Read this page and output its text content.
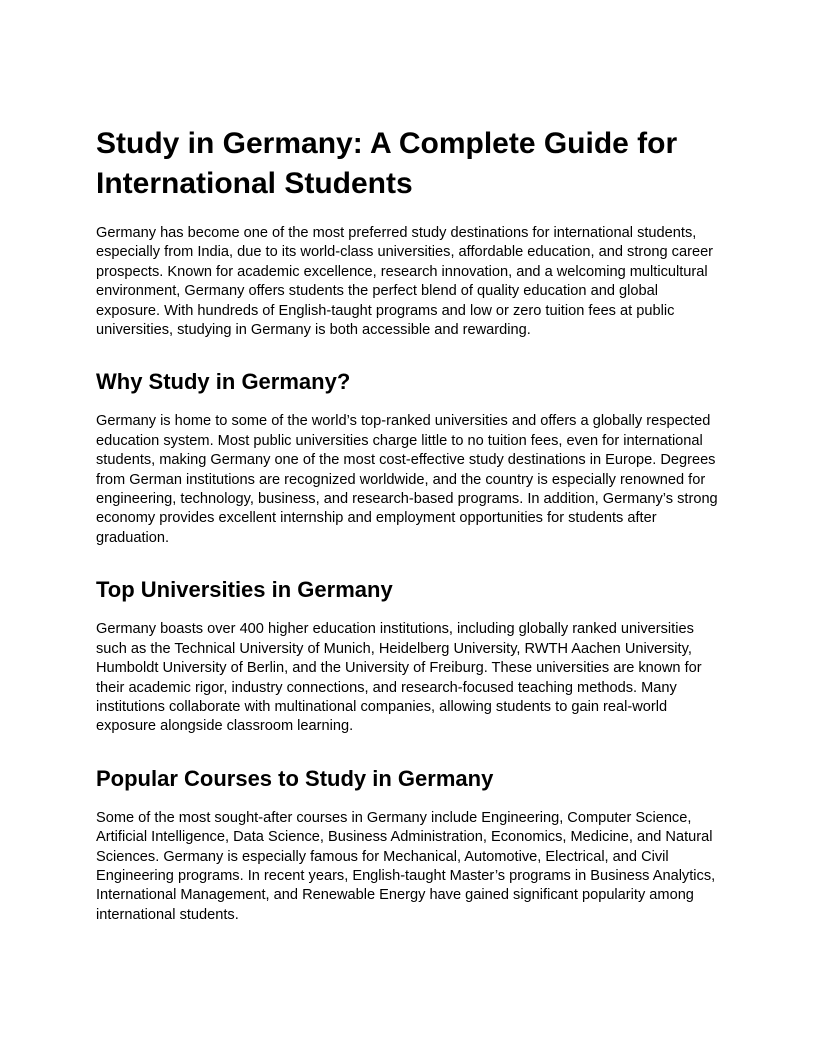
Study in Germany: A Complete Guide for International Students

Germany has become one of the most preferred study destinations for international students, especially from India, due to its world-class universities, affordable education, and strong career prospects. Known for academic excellence, research innovation, and a welcoming multicultural environment, Germany offers students the perfect blend of quality education and global exposure. With hundreds of English-taught programs and low or zero tuition fees at public universities, studying in Germany is both accessible and rewarding.

Why Study in Germany?

Germany is home to some of the world’s top-ranked universities and offers a globally respected education system. Most public universities charge little to no tuition fees, even for international students, making Germany one of the most cost-effective study destinations in Europe. Degrees from German institutions are recognized worldwide, and the country is especially renowned for engineering, technology, business, and research-based programs. In addition, Germany’s strong economy provides excellent internship and employment opportunities for students after graduation.

Top Universities in Germany

Germany boasts over 400 higher education institutions, including globally ranked universities such as the Technical University of Munich, Heidelberg University, RWTH Aachen University, Humboldt University of Berlin, and the University of Freiburg. These universities are known for their academic rigor, industry connections, and research-focused teaching methods. Many institutions collaborate with multinational companies, allowing students to gain real-world exposure alongside classroom learning.

Popular Courses to Study in Germany

Some of the most sought-after courses in Germany include Engineering, Computer Science, Artificial Intelligence, Data Science, Business Administration, Economics, Medicine, and Natural Sciences. Germany is especially famous for Mechanical, Automotive, Electrical, and Civil Engineering programs. In recent years, English-taught Master’s programs in Business Analytics, International Management, and Renewable Energy have gained significant popularity among international students.
